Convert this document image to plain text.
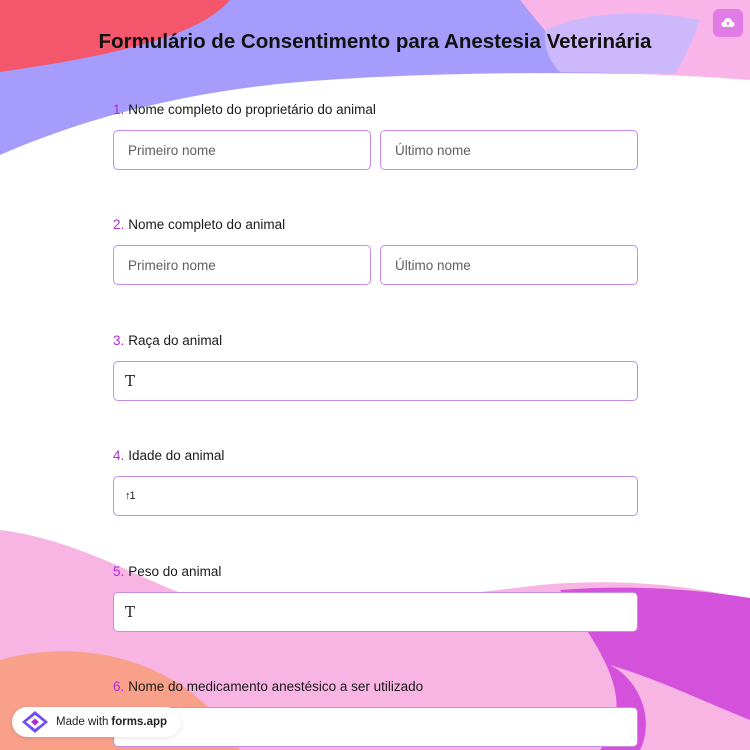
Formulário de Consentimento para Anestesia Veterinária
1. Nome completo do proprietário do animal
Primeiro nome	Último nome
2. Nome completo do animal
Primeiro nome	Último nome
3. Raça do animal
T
4. Idade do animal
↑1
5. Peso do animal
T
6. Nome do medicamento anestésico a ser utilizado
Made with forms.app
